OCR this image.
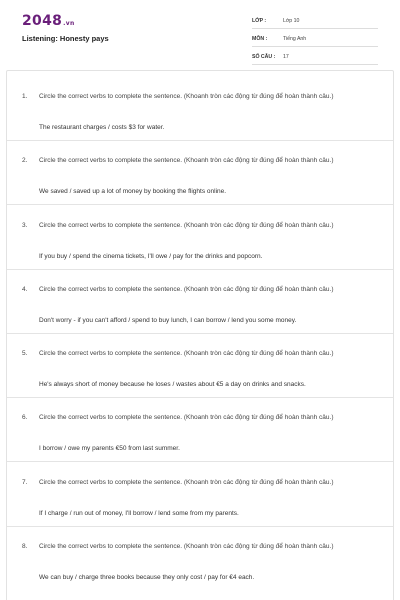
$2048^{.vn}$
Listening: Honesty pays
LỚP :	Lớp 10
MÔN :	Tiếng Anh
SỐ CÂU :	17
1. Circle the correct verbs to complete the sentence. (Khoanh tròn các động từ đúng để hoàn thành câu.)
The restaurant charges / costs $3 for water.
2. Circle the correct verbs to complete the sentence. (Khoanh tròn các động từ đúng để hoàn thành câu.)
We saved / saved up a lot of money by booking the flights online.
3. Circle the correct verbs to complete the sentence. (Khoanh tròn các động từ đúng để hoàn thành câu.)
If you buy / spend the cinema tickets, I'll owe / pay for the drinks and popcorn.
4. Circle the correct verbs to complete the sentence. (Khoanh tròn các động từ đúng để hoàn thành câu.)
Don't worry - if you can't afford / spend to buy lunch, I can borrow / lend you some money.
5. Circle the correct verbs to complete the sentence. (Khoanh tròn các động từ đúng để hoàn thành câu.)
He's always short of money because he loses / wastes about €5 a day on drinks and snacks.
6. Circle the correct verbs to complete the sentence. (Khoanh tròn các động từ đúng để hoàn thành câu.)
I borrow / owe my parents €50 from last summer.
7. Circle the correct verbs to complete the sentence. (Khoanh tròn các động từ đúng để hoàn thành câu.)
If I charge / run out of money, I'll borrow / lend some from my parents.
8. Circle the correct verbs to complete the sentence. (Khoanh tròn các động từ đúng để hoàn thành câu.)
We can buy / charge three books because they only cost / pay for €4 each.
